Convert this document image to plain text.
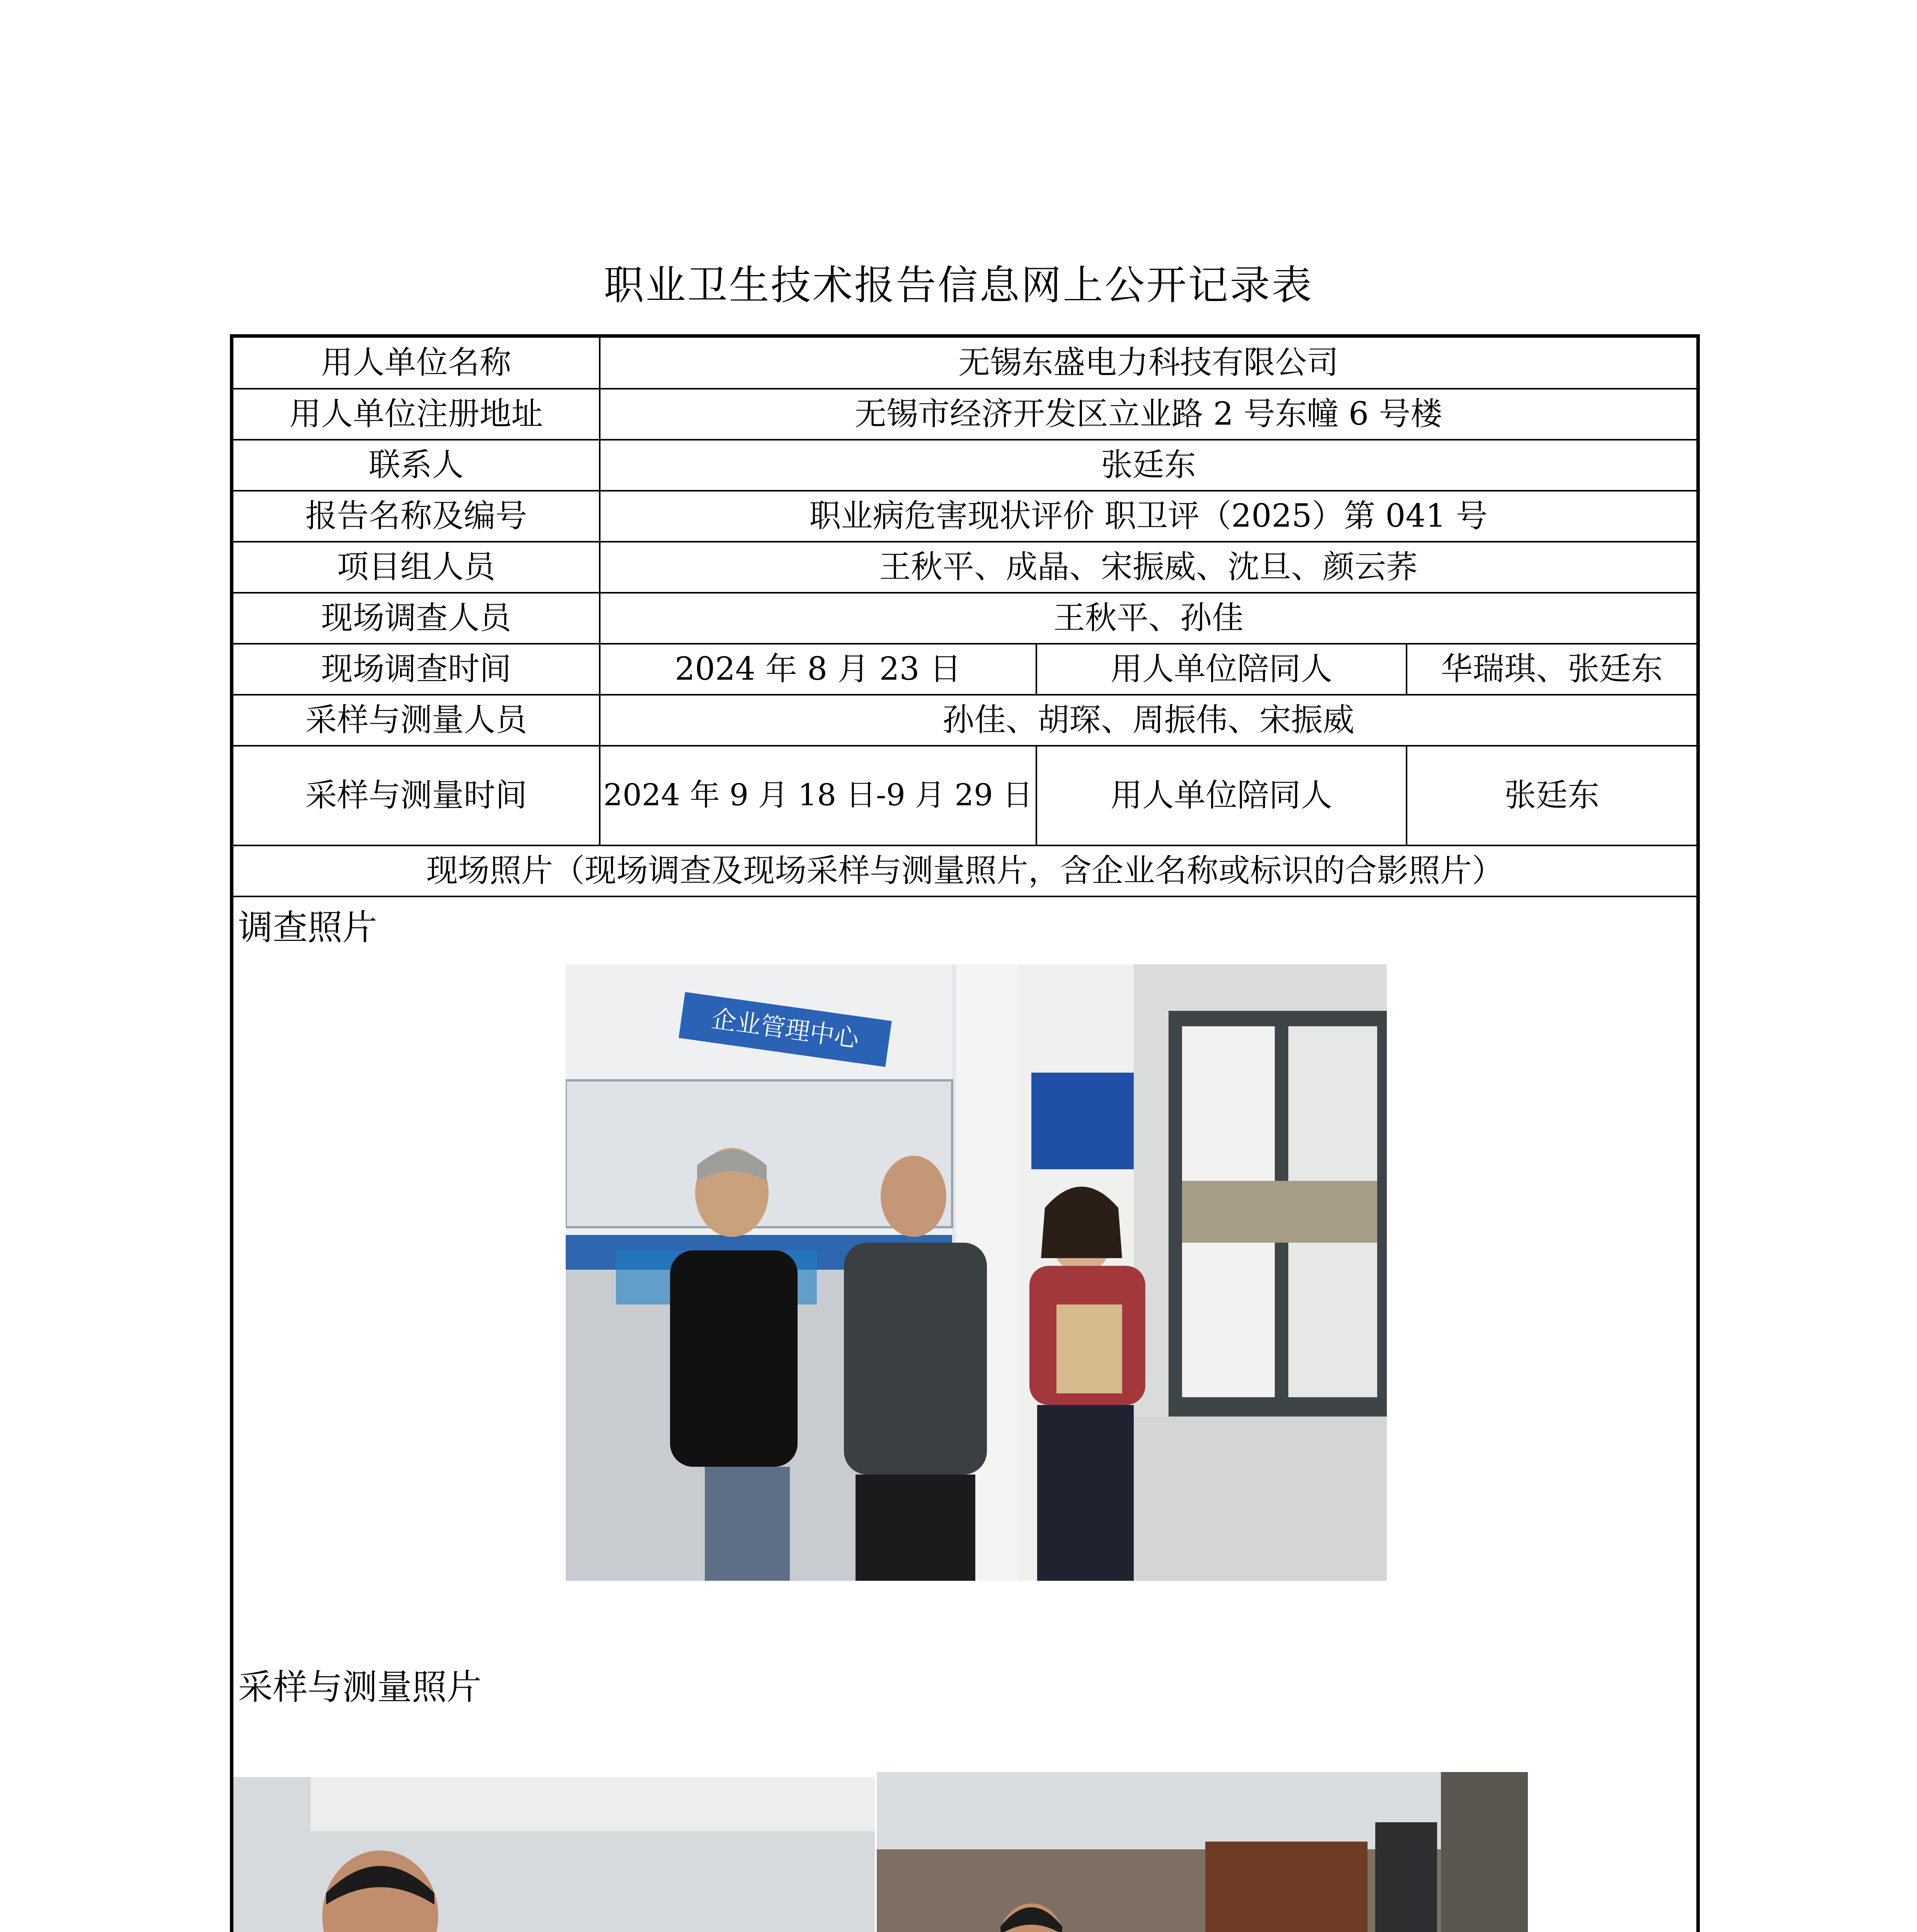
职业卫生技术报告信息网上公开记录表
用人单位名称	无锡东盛电力科技有限公司		
用人单位注册地址	无锡市经济开发区立业路 2 号东幢 6 号楼		
联系人	张廷东		
报告名称及编号	职业病危害现状评价 职卫评（2025）第 041 号		
项目组人员	王秋平、成晶、宋振威、沈旦、颜云荞		
现场调查人员	王秋平、孙佳		
现场调查时间	2024 年 8 月 23 日	用人单位陪同人	华瑞琪、张廷东
采样与测量人员	孙佳、胡琛、周振伟、宋振威		
采样与测量时间	2024 年 9 月 18 日-9 月 29 日	用人单位陪同人	张廷东
现场照片（现场调查及现场采样与测量照片，含企业名称或标识的合影照片）			
调查照片
企业管理中心
采样与测量照片
